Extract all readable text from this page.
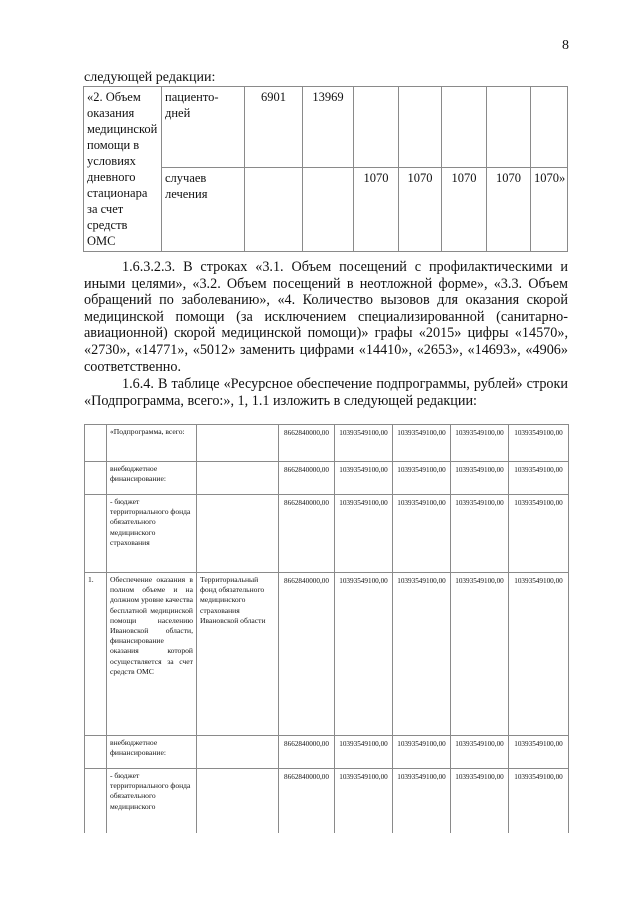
8
следующей редакции:
«2. Объем оказания медицинской помощи в условиях дневного стационара за счет средств ОМС	пациенто-дней	6901	13969					
	случаев лечения			1070	1070	1070	1070	1070»

1.6.3.2.3. В строках «3.1. Объем посещений с профилактическими и иными целями», «3.2. Объем посещений в неотложной форме», «3.3. Объем обращений по заболеванию», «4. Количество вызовов для оказания скорой медицинской помощи (за исключением специализированной (санитарно-авиационной) скорой медицинской помощи)» графы «2015» цифры «14570», «2730», «14771», «5012» заменить цифрами «14410», «2653», «14693», «4906» соответственно.

1.6.4. В таблице «Ресурсное обеспечение подпрограммы, рублей» строки «Подпрограмма, всего:», 1, 1.1 изложить в следующей редакции:

	«Подпрограмма, всего:		8662840000,00	10393549100,00	10393549100,00	10393549100,00	10393549100,00
	внебюджетное финансирование:		8662840000,00	10393549100,00	10393549100,00	10393549100,00	10393549100,00
	- бюджет территориального фонда обязательного медицинского страхования		8662840000,00	10393549100,00	10393549100,00	10393549100,00	10393549100,00
1.	Обеспечение оказания в полном объеме и на должном уровне качества бесплатной медицинской помощи населению Ивановской области, финансирование оказания которой осуществляется за счет средств ОМС	Территориальный фонд обязательного медицинского страхования Ивановской области	8662840000,00	10393549100,00	10393549100,00	10393549100,00	10393549100,00
	внебюджетное финансирование:		8662840000,00	10393549100,00	10393549100,00	10393549100,00	10393549100,00
	- бюджет территориального фонда обязательного медицинского		8662840000,00	10393549100,00	10393549100,00	10393549100,00	10393549100,00
